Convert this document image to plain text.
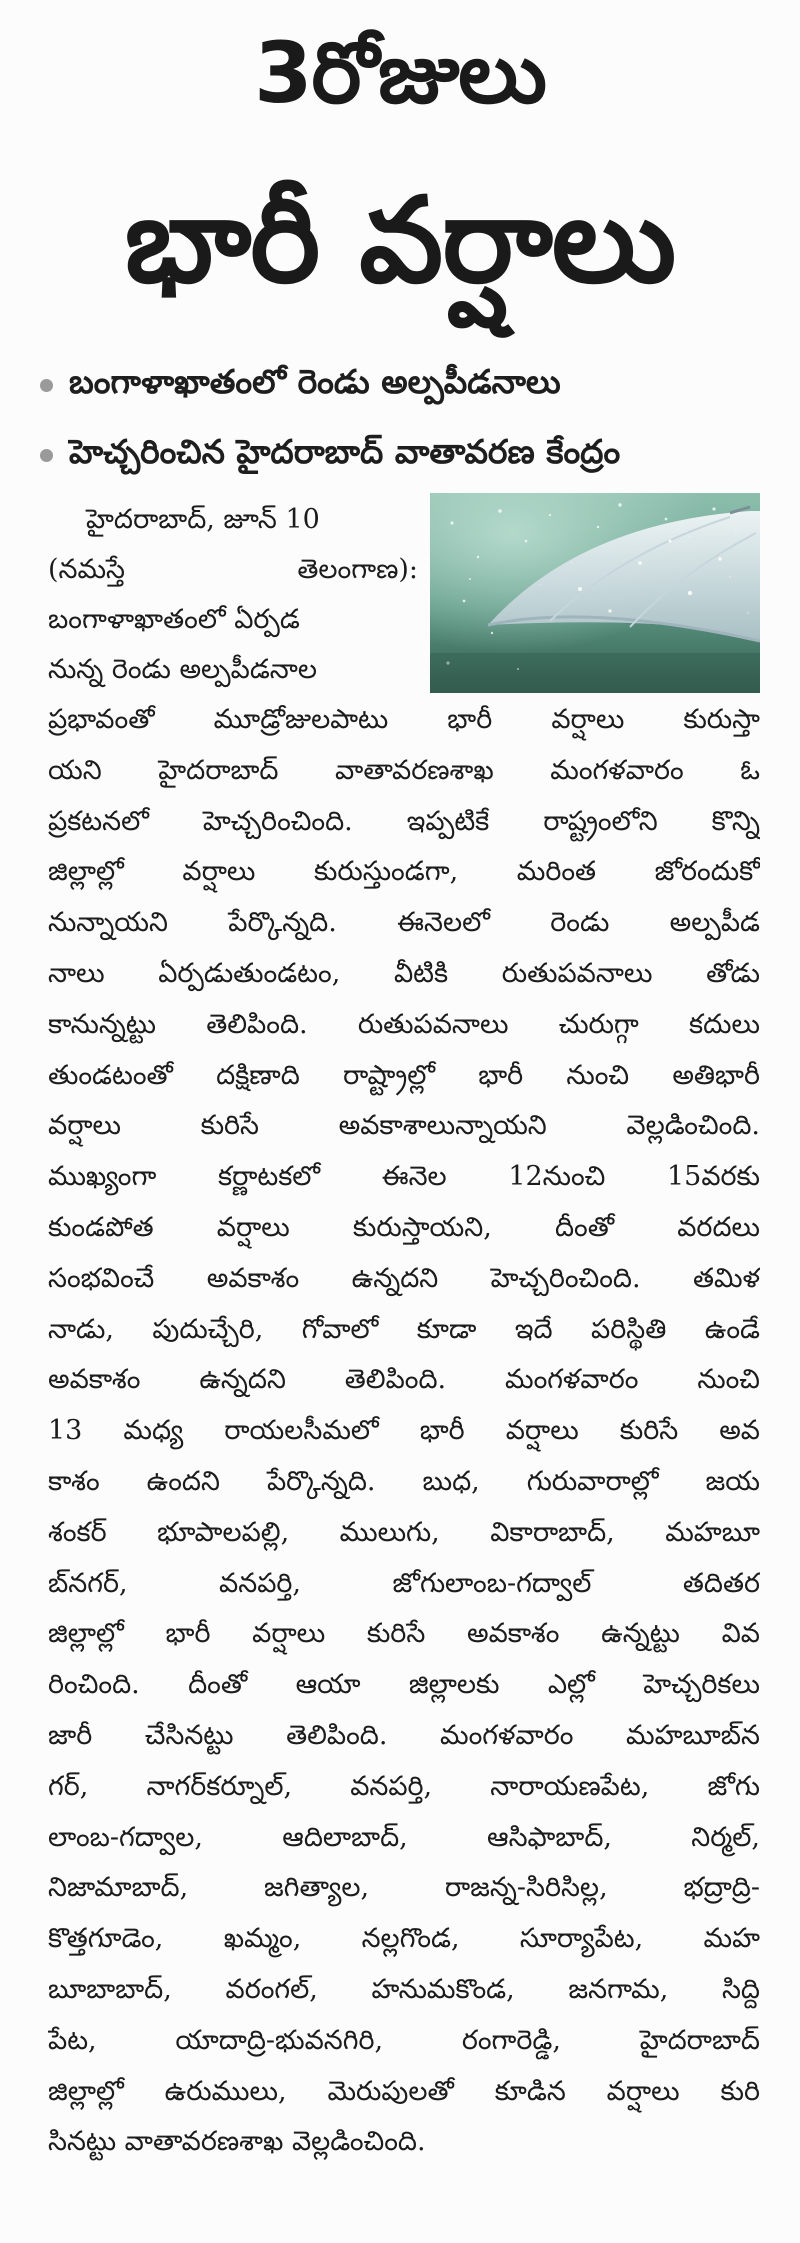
3రోజులు
భారీ వర్షాలు
బంగాళాఖాతంలో రెండు అల్పపీడనాలు
హెచ్చరించిన హైదరాబాద్ వాతావరణ కేంద్రం
హైదరాబాద్, జూన్ 10
(నమస్తే	తెలంగాణ):
బంగాళాఖాతంలో ఏర్పడ
నున్న రెండు అల్పపీడనాల
ప్రభావంతో మూడ్రోజులపాటు భారీ వర్షాలు కురుస్తా
యని హైదరాబాద్ వాతావరణశాఖ మంగళవారం ఓ
ప్రకటనలో హెచ్చరించింది. ఇప్పటికే రాష్ట్రంలోని కొన్ని
జిల్లాల్లో వర్షాలు కురుస్తుండగా, మరింత జోరందుకో
నున్నాయని పేర్కొన్నది. ఈనెలలో రెండు అల్పపీడ
నాలు ఏర్పడుతుండటం, వీటికి రుతుపవనాలు తోడు
కానున్నట్టు తెలిపింది. రుతుపవనాలు చురుగ్గా కదులు
తుండటంతో దక్షిణాది రాష్ట్రాల్లో భారీ నుంచి అతిభారీ
వర్షాలు కురిసే అవకాశాలున్నాయని వెల్లడించింది.
ముఖ్యంగా కర్ణాటకలో ఈనెల 12నుంచి 15వరకు
కుండపోత వర్షాలు కురుస్తాయని, దీంతో వరదలు
సంభవించే అవకాశం ఉన్నదని హెచ్చరించింది. తమిళ
నాడు, పుదుచ్చేరి, గోవాలో కూడా ఇదే పరిస్థితి ఉండే
అవకాశం ఉన్నదని తెలిపింది. మంగళవారం నుంచి
13 మధ్య రాయలసీమలో భారీ వర్షాలు కురిసే అవ
కాశం ఉందని పేర్కొన్నది. బుధ, గురువారాల్లో జయ
శంకర్ భూపాలపల్లి, ములుగు, వికారాబాద్, మహబూ
బ్‌నగర్, వనపర్తి, జోగులాంబ-గద్వాల్ తదితర
జిల్లాల్లో భారీ వర్షాలు కురిసే అవకాశం ఉన్నట్టు వివ
రించింది. దీంతో ఆయా జిల్లాలకు ఎల్లో హెచ్చరికలు
జారీ చేసినట్టు తెలిపింది. మంగళవారం మహబూబ్‌న
గర్, నాగర్‌కర్నూల్, వనపర్తి, నారాయణపేట, జోగు
లాంబ-గద్వాల, ఆదిలాబాద్, ఆసిఫాబాద్, నిర్మల్,
నిజామాబాద్, జగిత్యాల, రాజన్న-సిరిసిల్ల, భద్రాద్రి-
కొత్తగూడెం, ఖమ్మం, నల్లగొండ, సూర్యాపేట, మహ
బూబాబాద్, వరంగల్, హనుమకొండ, జనగామ, సిద్ది
పేట, యాదాద్రి-భువనగిరి, రంగారెడ్డి, హైదరాబాద్
జిల్లాల్లో ఉరుములు, మెరుపులతో కూడిన వర్షాలు కురి
సినట్టు వాతావరణశాఖ వెల్లడించింది.
